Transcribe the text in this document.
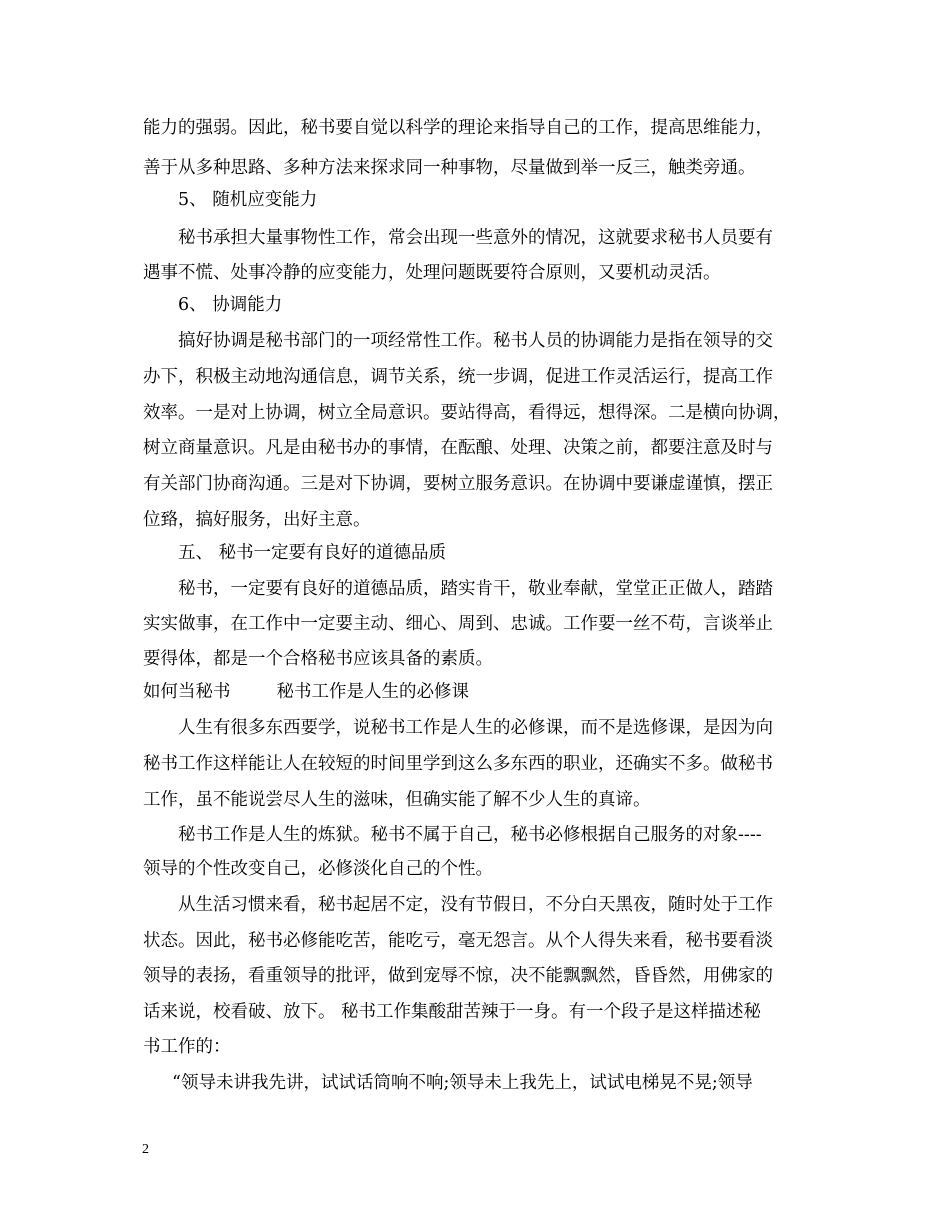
能力的强弱。因此，秘书要自觉以科学的理论来指导自己的工作，提高思维能力，
善于从多种思路、多种方法来探求同一种事物，尽量做到举一反三，触类旁通。
5、 随机应变能力
秘书承担大量事物性工作，常会出现一些意外的情况，这就要求秘书人员要有
遇事不慌、处事冷静的应变能力，处理问题既要符合原则，又要机动灵活。
6、 协调能力
搞好协调是秘书部门的一项经常性工作。秘书人员的协调能力是指在领导的交
办下，积极主动地沟通信息，调节关系，统一步调，促进工作灵活运行，提高工作
效率。一是对上协调，树立全局意识。要站得高，看得远，想得深。二是横向协调，
树立商量意识。凡是由秘书办的事情，在酝酿、处理、决策之前，都要注意及时与
有关部门协商沟通。三是对下协调，要树立服务意识。在协调中要谦虚谨慎，摆正
位臵，搞好服务，出好主意。
五、 秘书一定要有良好的道德品质
秘书，一定要有良好的道德品质，踏实肯干，敬业奉献，堂堂正正做人，踏踏
实实做事，在工作中一定要主动、细心、周到、忠诚。工作要一丝不苟，言谈举止
要得体，都是一个合格秘书应该具备的素质。
如何当秘书	秘书工作是人生的必修课
人生有很多东西要学，说秘书工作是人生的必修课，而不是选修课，是因为向
秘书工作这样能让人在较短的时间里学到这么多东西的职业，还确实不多。做秘书
工作，虽不能说尝尽人生的滋味，但确实能了解不少人生的真谛。
秘书工作是人生的炼狱。秘书不属于自己，秘书必修根据自己服务的对象----
领导的个性改变自己，必修淡化自己的个性。
从生活习惯来看，秘书起居不定，没有节假日，不分白天黑夜，随时处于工作
状态。因此，秘书必修能吃苦，能吃亏，毫无怨言。从个人得失来看，秘书要看淡
领导的表扬，看重领导的批评，做到宠辱不惊，决不能飘飘然，昏昏然，用佛家的
话来说，校看破、放下。 秘书工作集酸甜苦辣于一身。有一个段子是这样描述秘
书工作的：
“领导未讲我先讲，试试话筒响不响;领导未上我先上，试试电梯晃不晃;领导
2
